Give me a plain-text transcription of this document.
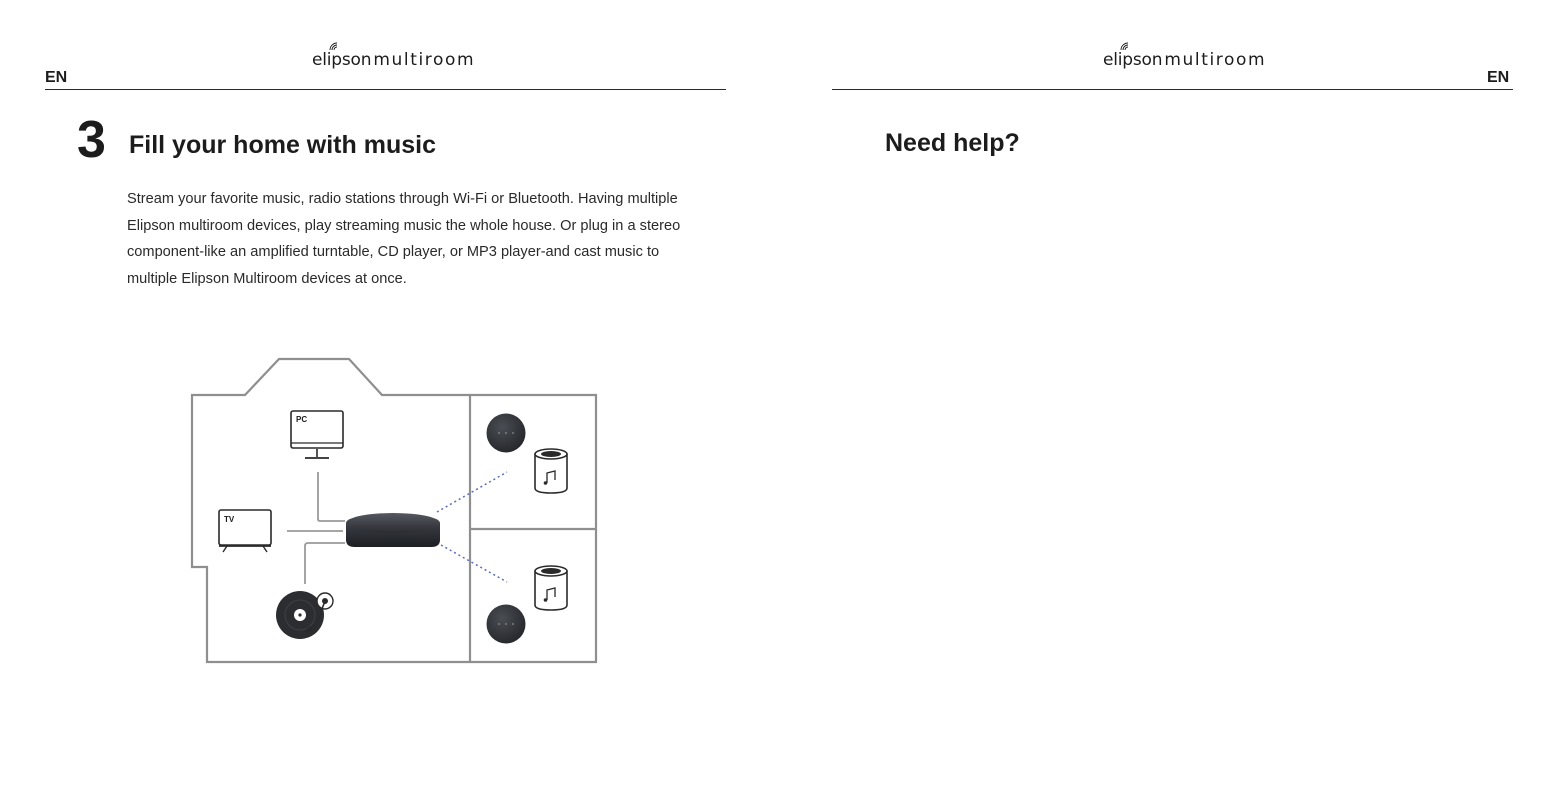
elipson multiroom
EN
3 Fill your home with music

Stream your favorite music, radio stations through Wi-Fi or Bluetooth. Having multiple Elipson multiroom devices, play streaming music the whole house. Or plug in a stereo component-like an amplified turntable, CD player, or MP3 player-and cast music to multiple Elipson Multiroom devices at once.

PC
TV
elipson multiroom
EN
Need help?
